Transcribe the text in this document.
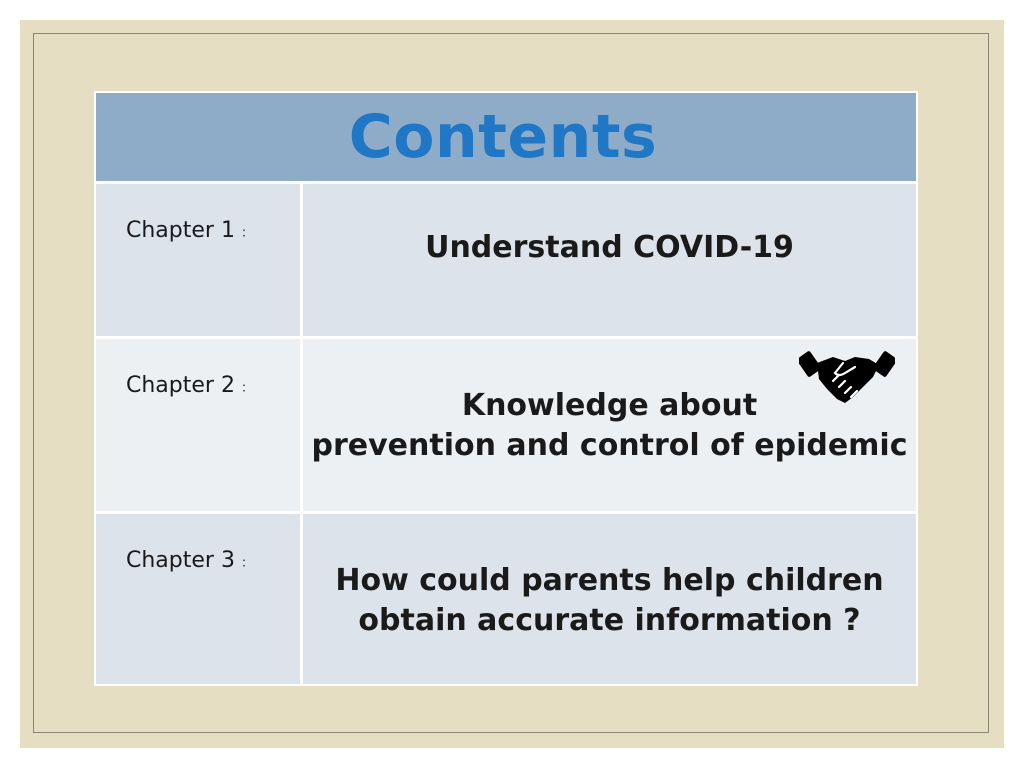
Contents
Chapter 1 ：	Understand COVID-19
Chapter 2 ：	Knowledge about
prevention and control of epidemic
Chapter 3 ：	How could parents help children
obtain accurate information ?
